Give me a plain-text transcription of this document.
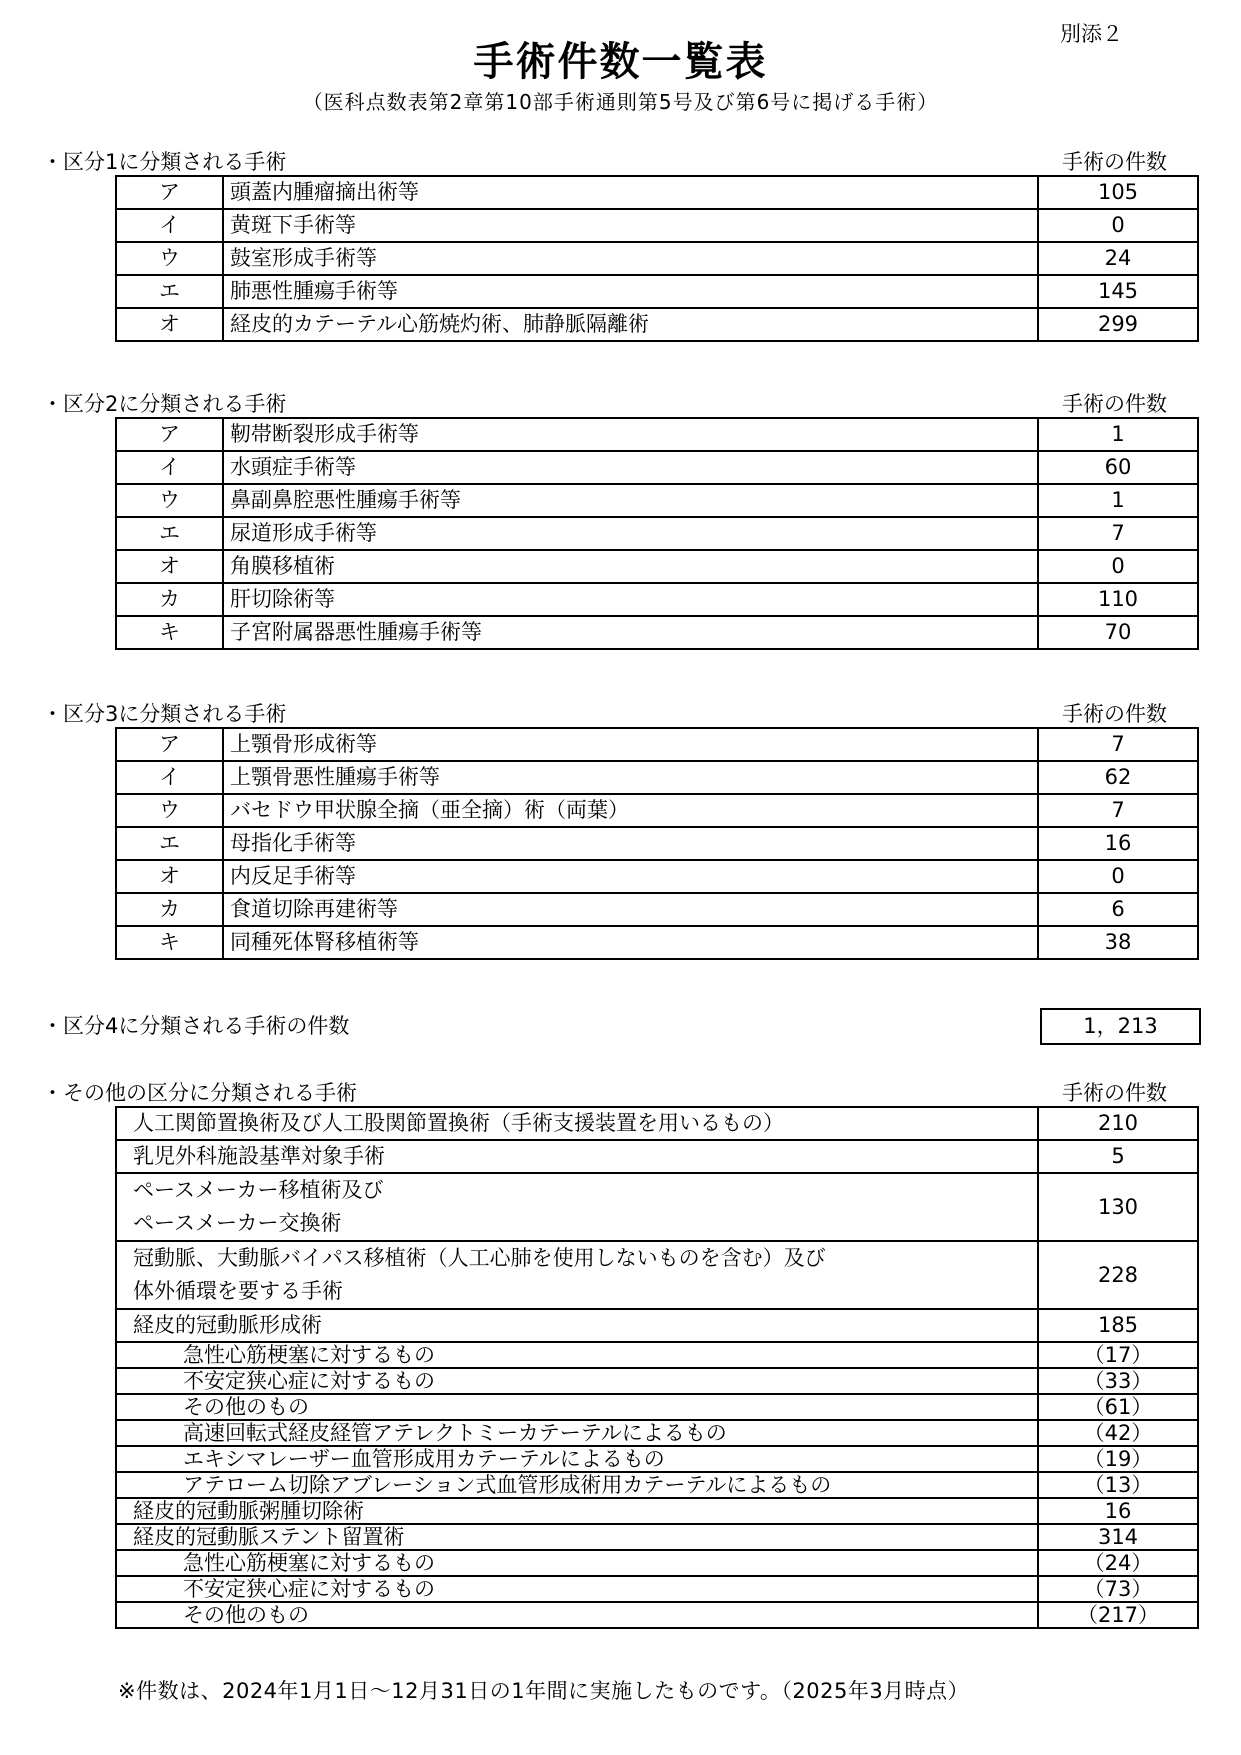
別添２
手術件数一覧表
（医科点数表第2章第10部手術通則第5号及び第6号に掲げる手術）
・区分1に分類される手術	手術の件数
ア	頭蓋内腫瘤摘出術等	105
イ	黄斑下手術等	0
ウ	鼓室形成手術等	24
エ	肺悪性腫瘍手術等	145
オ	経皮的カテーテル心筋焼灼術、肺静脈隔離術	299
・区分2に分類される手術	手術の件数
ア	靭帯断裂形成手術等	1
イ	水頭症手術等	60
ウ	鼻副鼻腔悪性腫瘍手術等	1
エ	尿道形成手術等	7
オ	角膜移植術	0
カ	肝切除術等	110
キ	子宮附属器悪性腫瘍手術等	70
・区分3に分類される手術	手術の件数
ア	上顎骨形成術等	7
イ	上顎骨悪性腫瘍手術等	62
ウ	バセドウ甲状腺全摘（亜全摘）術（両葉）	7
エ	母指化手術等	16
オ	内反足手術等	0
カ	食道切除再建術等	6
キ	同種死体腎移植術等	38
・区分4に分類される手術の件数	1，213
・その他の区分に分類される手術	手術の件数
人工関節置換術及び人工股関節置換術（手術支援装置を用いるもの）	210
乳児外科施設基準対象手術	5
ペースメーカー移植術及び
ペースメーカー交換術	130
冠動脈、大動脈バイパス移植術（人工心肺を使用しないものを含む）及び
体外循環を要する手術	228
経皮的冠動脈形成術	185
急性心筋梗塞に対するもの	（17）
不安定狭心症に対するもの	（33）
その他のもの	（61）
高速回転式経皮経管アテレクトミーカテーテルによるもの	（42）
エキシマレーザー血管形成用カテーテルによるもの	（19）
アテローム切除アブレーション式血管形成術用カテーテルによるもの	（13）
経皮的冠動脈粥腫切除術	16
経皮的冠動脈ステント留置術	314
急性心筋梗塞に対するもの	（24）
不安定狭心症に対するもの	（73）
その他のもの	（217）
※件数は、2024年1月1日～12月31日の1年間に実施したものです。（2025年3月時点）
